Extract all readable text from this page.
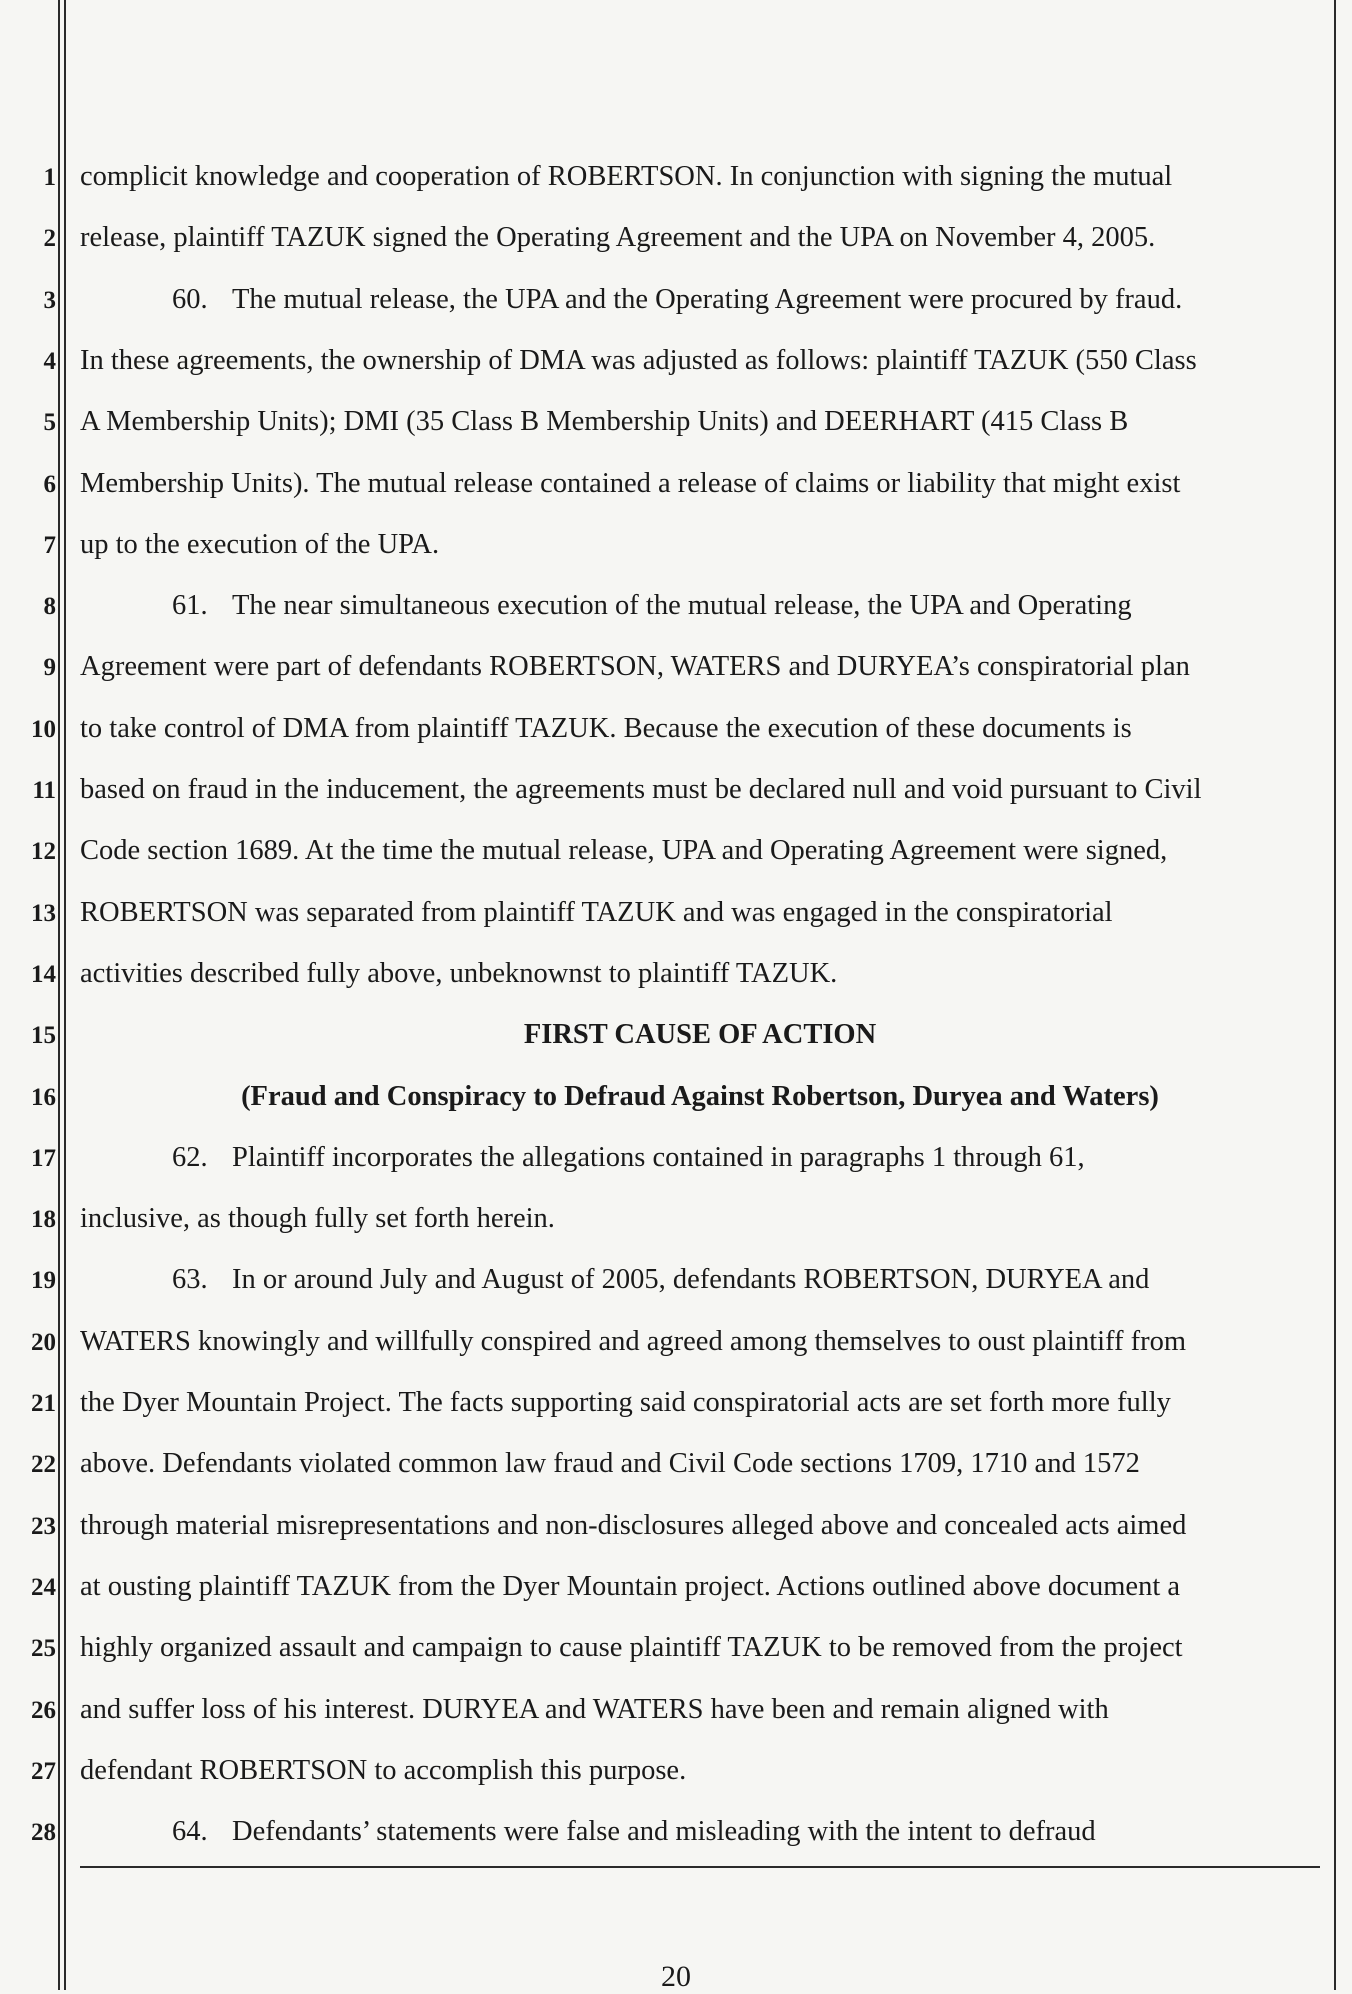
1
2
3
4
5
6
7
8
9
10
11
12
13
14
15
16
17
18
19
20
21
22
23
24
25
26
27
28
complicit knowledge and cooperation of ROBERTSON. In conjunction with signing the mutual
release, plaintiff TAZUK signed the Operating Agreement and the UPA on November 4, 2005.
60. The mutual release, the UPA and the Operating Agreement were procured by fraud.
In these agreements, the ownership of DMA was adjusted as follows: plaintiff TAZUK (550 Class
A Membership Units); DMI (35 Class B Membership Units) and DEERHART (415 Class B
Membership Units). The mutual release contained a release of claims or liability that might exist
up to the execution of the UPA.
61. The near simultaneous execution of the mutual release, the UPA and Operating
Agreement were part of defendants ROBERTSON, WATERS and DURYEA’s conspiratorial plan
to take control of DMA from plaintiff TAZUK. Because the execution of these documents is
based on fraud in the inducement, the agreements must be declared null and void pursuant to Civil
Code section 1689. At the time the mutual release, UPA and Operating Agreement were signed,
ROBERTSON was separated from plaintiff TAZUK and was engaged in the conspiratorial
activities described fully above, unbeknownst to plaintiff TAZUK.
FIRST CAUSE OF ACTION
(Fraud and Conspiracy to Defraud Against Robertson, Duryea and Waters)
62. Plaintiff incorporates the allegations contained in paragraphs 1 through 61,
inclusive, as though fully set forth herein.
63. In or around July and August of 2005, defendants ROBERTSON, DURYEA and
WATERS knowingly and willfully conspired and agreed among themselves to oust plaintiff from
the Dyer Mountain Project. The facts supporting said conspiratorial acts are set forth more fully
above. Defendants violated common law fraud and Civil Code sections 1709, 1710 and 1572
through material misrepresentations and non-disclosures alleged above and concealed acts aimed
at ousting plaintiff TAZUK from the Dyer Mountain project. Actions outlined above document a
highly organized assault and campaign to cause plaintiff TAZUK to be removed from the project
and suffer loss of his interest. DURYEA and WATERS have been and remain aligned with
defendant ROBERTSON to accomplish this purpose.
64. Defendants’ statements were false and misleading with the intent to defraud
20
